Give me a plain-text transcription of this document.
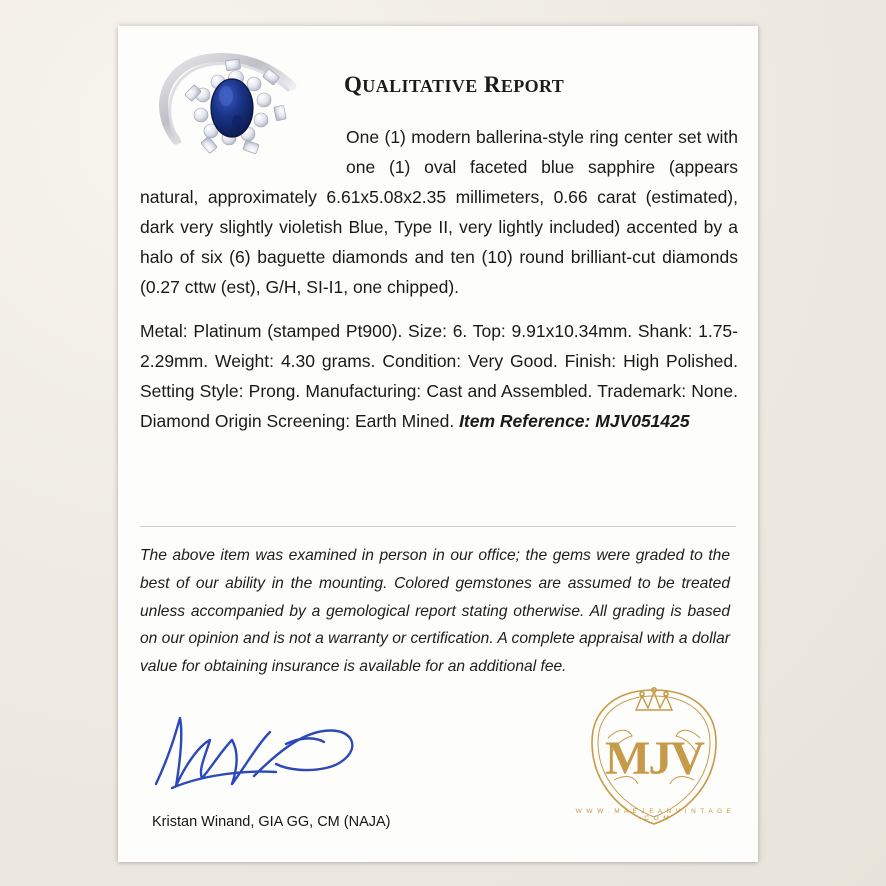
QUALITATIVE REPORT
One (1) modern ballerina-style ring center set with one (1) oval faceted blue sapphire (appears natural, approximately 6.61x5.08x2.35 millimeters, 0.66 carat (estimated), dark very slightly violetish Blue, Type II, very lightly included) accented by a halo of six (6) baguette diamonds and ten (10) round brilliant-cut diamonds (0.27 cttw (est), G/H, SI-I1, one chipped).
Metal: Platinum (stamped Pt900). Size: 6. Top: 9.91x10.34mm. Shank: 1.75-2.29mm. Weight: 4.30 grams. Condition: Very Good. Finish: High Polished. Setting Style: Prong. Manufacturing: Cast and Assembled. Trademark: None. Diamond Origin Screening: Earth Mined. Item Reference: MJV051425
The above item was examined in person in our office; the gems were graded to the best of our ability in the mounting. Colored gemstones are assumed to be treated unless accompanied by a gemological report stating otherwise. All grading is based on our opinion and is not a warranty or certification. A complete appraisal with a dollar value for obtaining insurance is available for an additional fee.
Kristan Winand, GIA GG, CM (NAJA)
MJV
W W W . M A E J E A N V I N T A G E . C O M
